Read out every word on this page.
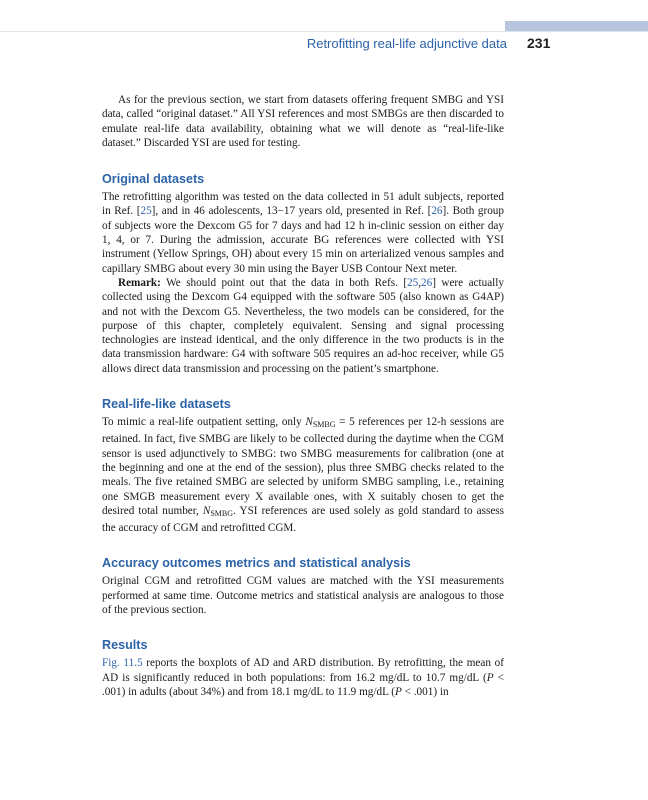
Retrofitting real-life adjunctive data 231

As for the previous section, we start from datasets offering frequent SMBG and YSI data, called “original dataset.” All YSI references and most SMBGs are then discarded to emulate real-life data availability, obtaining what we will denote as “real-life-like dataset.” Discarded YSI are used for testing.

Original datasets

The retrofitting algorithm was tested on the data collected in 51 adult subjects, reported in Ref. [25], and in 46 adolescents, 13−17 years old, presented in Ref. [26]. Both group of subjects wore the Dexcom G5 for 7 days and had 12 h in-clinic session on either day 1, 4, or 7. During the admission, accurate BG references were collected with YSI instrument (Yellow Springs, OH) about every 15 min on arterialized venous samples and capillary SMBG about every 30 min using the Bayer USB Contour Next meter.

Remark: We should point out that the data in both Refs. [25,26] were actually collected using the Dexcom G4 equipped with the software 505 (also known as G4AP) and not with the Dexcom G5. Nevertheless, the two models can be considered, for the purpose of this chapter, completely equivalent. Sensing and signal processing technologies are instead identical, and the only difference in the two products is in the data transmission hardware: G4 with software 505 requires an ad-hoc receiver, while G5 allows direct data transmission and processing on the patient’s smartphone.

Real-life-like datasets

To mimic a real-life outpatient setting, only $N_{SMBG} = 5$ references per 12-h sessions are retained. In fact, five SMBG are likely to be collected during the daytime when the CGM sensor is used adjunctively to SMBG: two SMBG measurements for calibration (one at the beginning and one at the end of the session), plus three SMBG checks related to the meals. The five retained SMBG are selected by uniform SMBG sampling, i.e., retaining one SMGB measurement every X available ones, with X suitably chosen to get the desired total number, $N_{SMBG}$. YSI references are used solely as gold standard to assess the accuracy of CGM and retrofitted CGM.

Accuracy outcomes metrics and statistical analysis

Original CGM and retrofitted CGM values are matched with the YSI measurements performed at same time. Outcome metrics and statistical analysis are analogous to those of the previous section.

Results

Fig. 11.5 reports the boxplots of AD and ARD distribution. By retrofitting, the mean of AD is significantly reduced in both populations: from 16.2 mg/dL to 10.7 mg/dL (P < .001) in adults (about 34%) and from 18.1 mg/dL to 11.9 mg/dL (P < .001) in
